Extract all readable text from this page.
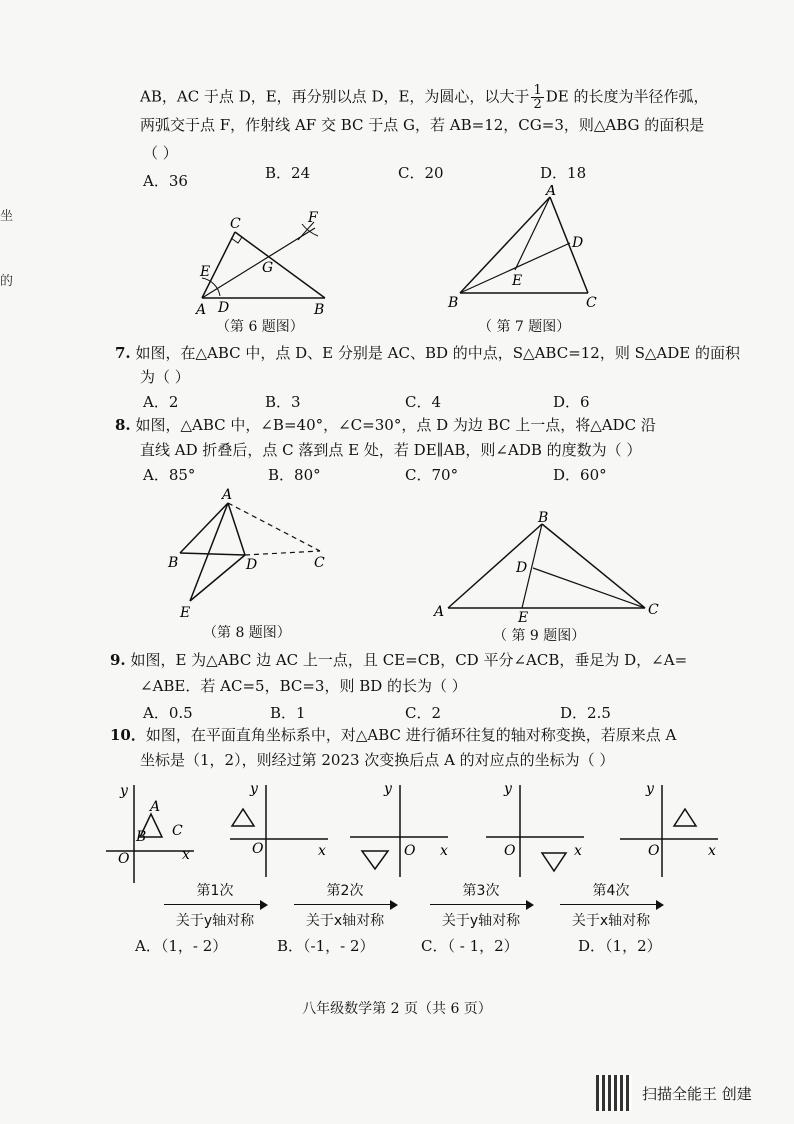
坐
的
AB，AC 于点 D，E，再分别以点 D，E，为圆心，以大于 $\frac{1}{2}$ DE 的长度为半径作弧，
两弧交于点 F，作射线 AF 交 BC 于点 G，若 AB=12，CG=3，则△ABG 的面积是
（ ）
A．36	B．24	C．20	D．18
C	F
E	G
A D	B
（第 6 题图）
A
D
E
B	C
（ 第 7 题图）
7. 如图，在△ABC 中，点 D、E 分别是 AC、BD 的中点，S△ABC=12，则 S△ADE 的面积
为（ ）
A．2	B．3	C．4	D．6
8. 如图，△ABC 中，∠B=40°，∠C=30°，点 D 为边 BC 上一点，将△ADC 沿
直线 AD 折叠后，点 C 落到点 E 处，若 DE∥AB，则∠ADB 的度数为（ ）
A．85°	B．80°	C．70°	D．60°
A
B	D	C
E
（第 8 题图）
B
D
A	E	C
（ 第 9 题图）
9. 如图，E 为△ABC 边 AC 上一点，且 CE=CB，CD 平分∠ACB，垂足为 D，∠A=
∠ABE．若 AC=5，BC=3，则 BD 的长为（ ）
A．0.5	B．1	C．2	D．2.5
10．如图，在平面直角坐标系中，对△ABC 进行循环往复的轴对称变换，若原来点 A
坐标是（1，2），则经过第 2023 次变换后点 A 的对应点的坐标为（ ）
y
O	x
A
B C
y
O	x
y
O x
y
O	x
y
O	x
第1次
关于y轴对称
第2次
关于x轴对称
第3次
关于y轴对称
第4次
关于x轴对称
A．（1，- 2）	B．（-1，- 2）	C．（ - 1，2）	D．（1，2）
八年级数学第 2 页（共 6 页）
扫描全能王 创建
